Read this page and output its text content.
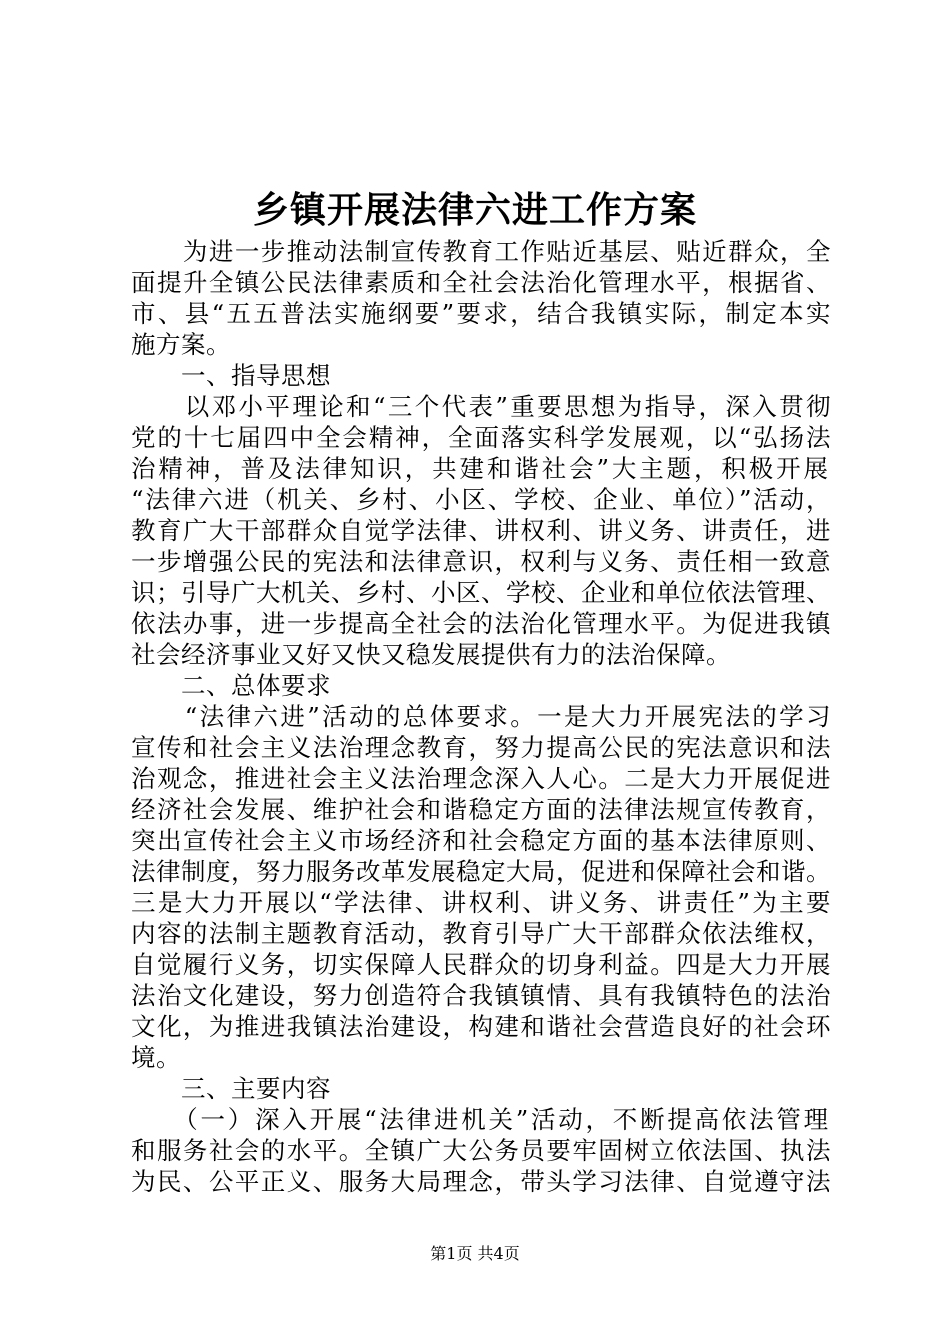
乡镇开展法律六进工作方案
　　为进一步推动法制宣传教育工作贴近基层、贴近群众，全
面提升全镇公民法律素质和全社会法治化管理水平，根据省、
市、县“五五普法实施纲要”要求，结合我镇实际，制定本实
施方案。
　　一、指导思想
　　以邓小平理论和“三个代表”重要思想为指导，深入贯彻
党的十七届四中全会精神，全面落实科学发展观，以“弘扬法
治精神，普及法律知识，共建和谐社会”大主题，积极开展
“法律六进（机关、乡村、小区、学校、企业、单位）”活动，
教育广大干部群众自觉学法律、讲权利、讲义务、讲责任，进
一步增强公民的宪法和法律意识，权利与义务、责任相一致意
识；引导广大机关、乡村、小区、学校、企业和单位依法管理、
依法办事，进一步提高全社会的法治化管理水平。为促进我镇
社会经济事业又好又快又稳发展提供有力的法治保障。
　　二、总体要求
　　“法律六进”活动的总体要求。一是大力开展宪法的学习
宣传和社会主义法治理念教育，努力提高公民的宪法意识和法
治观念，推进社会主义法治理念深入人心。二是大力开展促进
经济社会发展、维护社会和谐稳定方面的法律法规宣传教育，
突出宣传社会主义市场经济和社会稳定方面的基本法律原则、
法律制度，努力服务改革发展稳定大局，促进和保障社会和谐。
三是大力开展以“学法律、讲权利、讲义务、讲责任”为主要
内容的法制主题教育活动，教育引导广大干部群众依法维权，
自觉履行义务，切实保障人民群众的切身利益。四是大力开展
法治文化建设，努力创造符合我镇镇情、具有我镇特色的法治
文化，为推进我镇法治建设，构建和谐社会营造良好的社会环
境。
　　三、主要内容
　　（一）深入开展“法律进机关”活动，不断提高依法管理
和服务社会的水平。全镇广大公务员要牢固树立依法国、执法
为民、公平正义、服务大局理念，带头学习法律、自觉遵守法
第1页 共4页
